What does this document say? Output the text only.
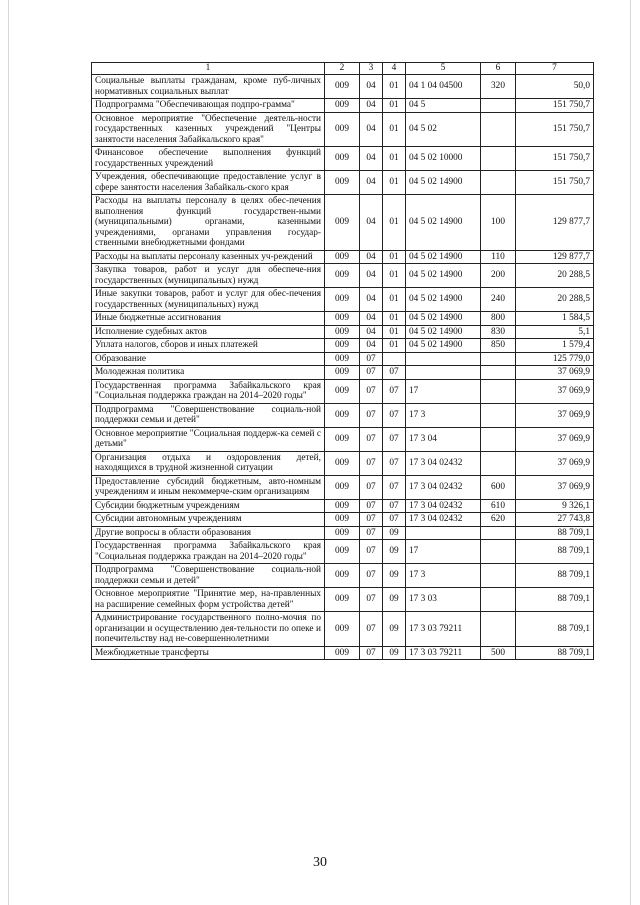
1	2	3	4	5	6	7
Социальные выплаты гражданам, кроме пуб-личных нормативных социальных выплат	009	04	01	04 1 04 04500	320	50,0
Подпрограмма "Обеспечивающая подпро-грамма"	009	04	01	04 5		151 750,7
Основное мероприятие "Обеспечение деятель-ности государственных казенных учреждений "Центры занятости населения Забайкальского края"	009	04	01	04 5 02		151 750,7
Финансовое обеспечение выполнения функций государственных учреждений	009	04	01	04 5 02 10000		151 750,7
Учреждения, обеспечивающие предоставление услуг в сфере занятости населения Забайкаль-ского края	009	04	01	04 5 02 14900		151 750,7
Расходы на выплаты персоналу в целях обес-печения выполнения функций государствен-ными (муниципальными) органами, казенными учреждениями, органами управления государ-ственными внебюджетными фондами	009	04	01	04 5 02 14900	100	129 877,7
Расходы на выплаты персоналу казенных уч-реждений	009	04	01	04 5 02 14900	110	129 877,7
Закупка товаров, работ и услуг для обеспече-ния государственных (муниципальных) нужд	009	04	01	04 5 02 14900	200	20 288,5
Иные закупки товаров, работ и услуг для обес-печения государственных (муниципальных) нужд	009	04	01	04 5 02 14900	240	20 288,5
Иные бюджетные ассигнования	009	04	01	04 5 02 14900	800	1 584,5
Исполнение судебных актов	009	04	01	04 5 02 14900	830	5,1
Уплата налогов, сборов и иных платежей	009	04	01	04 5 02 14900	850	1 579,4
Образование	009	07				125 779,0
Молодежная политика	009	07	07			37 069,9
Государственная программа Забайкальского края "Социальная поддержка граждан на 2014–2020 годы"	009	07	07	17		37 069,9
Подпрограмма "Совершенствование социаль-ной поддержки семьи и детей"	009	07	07	17 3		37 069,9
Основное мероприятие "Социальная поддерж-ка семей с детьми"	009	07	07	17 3 04		37 069,9
Организация отдыха и оздоровления детей, находящихся в трудной жизненной ситуации	009	07	07	17 3 04 02432		37 069,9
Предоставление субсидий бюджетным, авто-номным учреждениям и иным некоммерче-ским организациям	009	07	07	17 3 04 02432	600	37 069,9
Субсидии бюджетным учреждениям	009	07	07	17 3 04 02432	610	9 326,1
Субсидии автономным учреждениям	009	07	07	17 3 04 02432	620	27 743,8
Другие вопросы в области образования	009	07	09			88 709,1
Государственная программа Забайкальского края "Социальная поддержка граждан на 2014–2020 годы"	009	07	09	17		88 709,1
Подпрограмма "Совершенствование социаль-ной поддержки семьи и детей"	009	07	09	17 3		88 709,1
Основное мероприятие "Принятие мер, на-правленных на расширение семейных форм устройства детей"	009	07	09	17 3 03		88 709,1
Администрирование государственного полно-мочия по организации и осуществлению дея-тельности по опеке и попечительству над не-совершеннолетними	009	07	09	17 3 03 79211		88 709,1
Межбюджетные трансферты	009	07	09	17 3 03 79211	500	88 709,1
30
